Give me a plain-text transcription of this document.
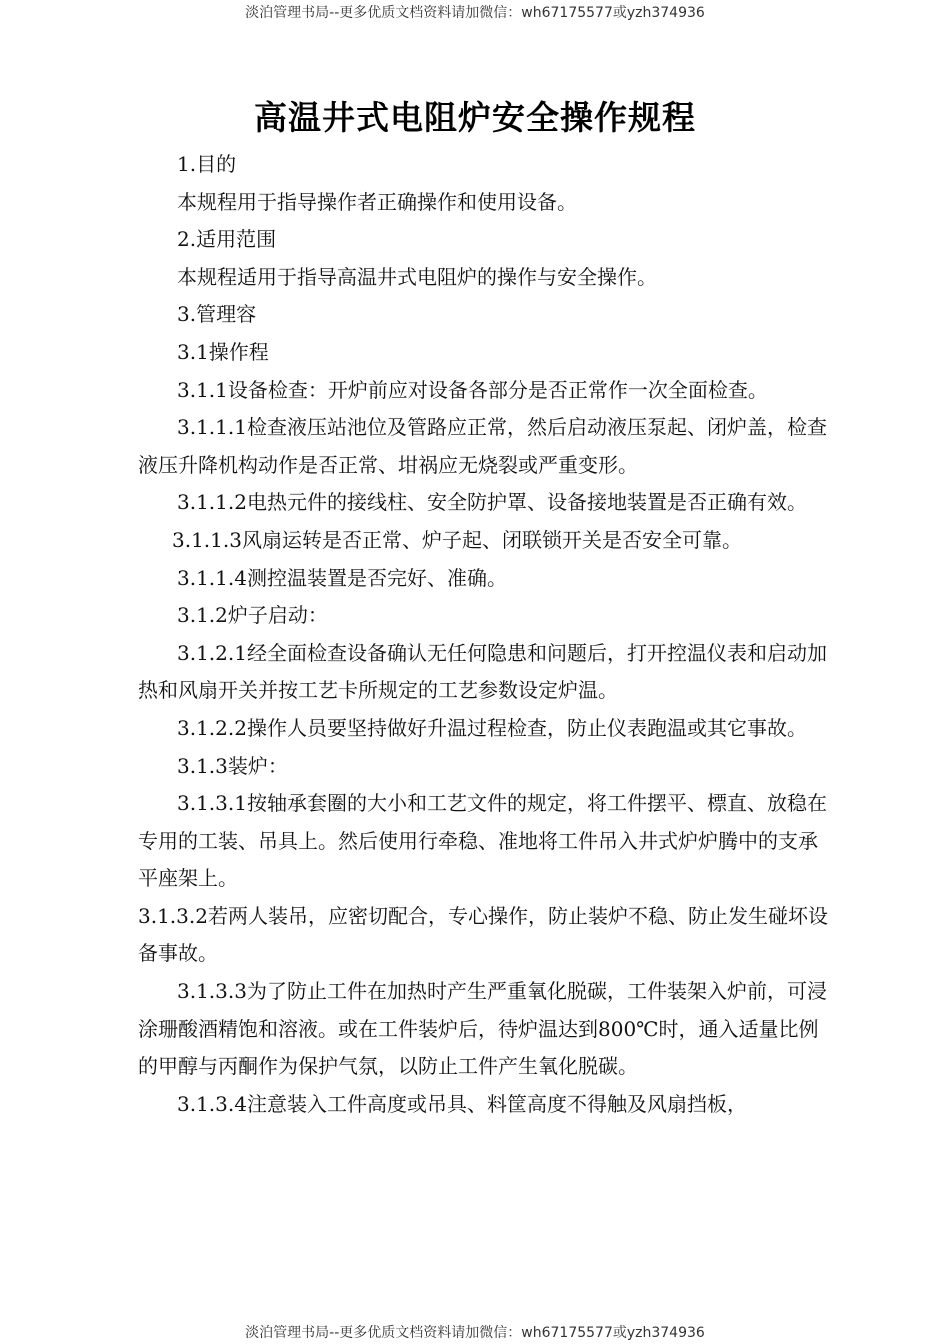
淡泊管理书局--更多优质文档资料请加微信：wh67175577或yzh374936
高温井式电阻炉安全操作规程

1.目的

本规程用于指导操作者正确操作和使用设备。

2.适用范围

本规程适用于指导高温井式电阻炉的操作与安全操作。

3.管理容

3.1操作程

3.1.1设备检查：开炉前应对设备各部分是否正常作一次全面检查。

3.1.1.1检查液压站池位及管路应正常，然后启动液压泵起、闭炉盖，检查液压升降机构动作是否正常、坩祸应无烧裂或严重变形。

3.1.1.2电热元件的接线柱、安全防护罩、设备接地装置是否正确有效。

3.1.1.3风扇运转是否正常、炉子起、闭联锁开关是否安全可靠。

3.1.1.4测控温装置是否完好、准确。

3.1.2炉子启动：

3.1.2.1经全面检查设备确认无任何隐患和问题后，打开控温仪表和启动加热和风扇开关并按工艺卡所规定的工艺参数设定炉温。

3.1.2.2操作人员要坚持做好升温过程检查，防止仪表跑温或其它事故。

3.1.3装炉：

3.1.3.1按轴承套圈的大小和工艺文件的规定，将工件摆平、標直、放稳在专用的工装、吊具上。然后使用行牵稳、准地将工件吊入井式炉炉腾中的支承平座架上。

3.1.3.2若两人装吊，应密切配合，专心操作，防止装炉不稳、防止发生碰坏设备事故。

3.1.3.3为了防止工件在加热时产生严重氧化脱碳，工件装架入炉前，可浸涂珊酸酒精饱和溶液。或在工件装炉后，待炉温达到800℃时，通入适量比例的甲醇与丙酮作为保护气氛，以防止工件产生氧化脱碳。

3.1.3.4注意装入工件高度或吊具、料筐高度不得触及风扇挡板，

淡泊管理书局--更多优质文档资料请加微信：wh67175577或yzh374936
